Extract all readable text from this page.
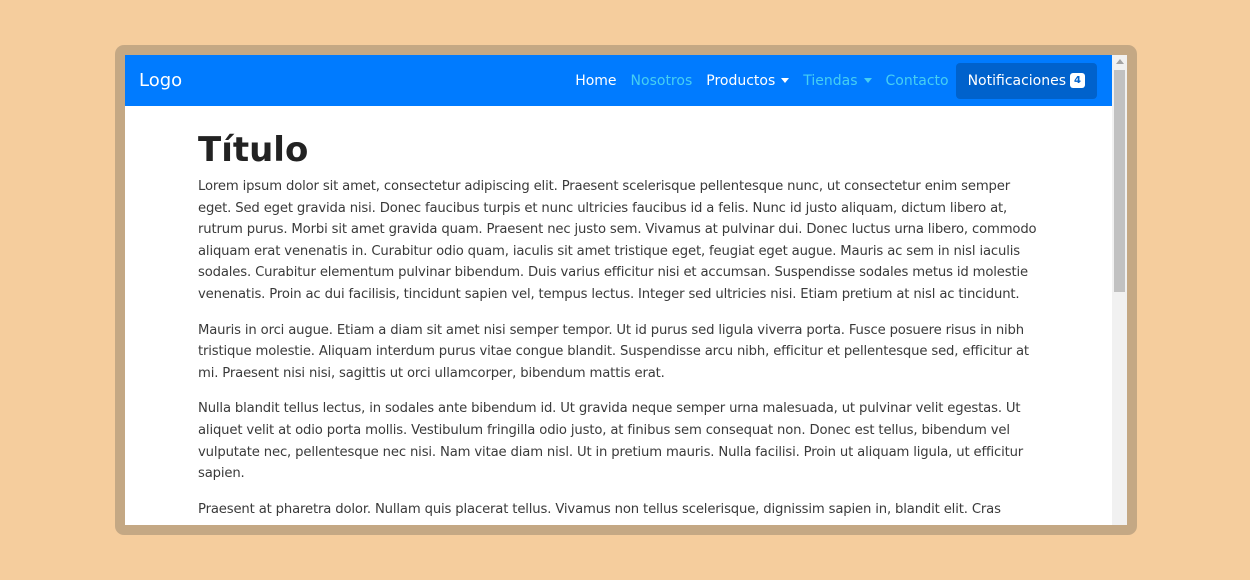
Logo	Home Nosotros Productos Tiendas Contacto Notificaciones 4
Título

Lorem ipsum dolor sit amet, consectetur adipiscing elit. Praesent scelerisque pellentesque nunc, ut consectetur enim semper eget. Sed eget gravida nisi. Donec faucibus turpis et nunc ultricies faucibus id a felis. Nunc id justo aliquam, dictum libero at, rutrum purus. Morbi sit amet gravida quam. Praesent nec justo sem. Vivamus at pulvinar dui. Donec luctus urna libero, commodo aliquam erat venenatis in. Curabitur odio quam, iaculis sit amet tristique eget, feugiat eget augue. Mauris ac sem in nisl iaculis sodales. Curabitur elementum pulvinar bibendum. Duis varius efficitur nisi et accumsan. Suspendisse sodales metus id molestie venenatis. Proin ac dui facilisis, tincidunt sapien vel, tempus lectus. Integer sed ultricies nisi. Etiam pretium at nisl ac tincidunt.

Mauris in orci augue. Etiam a diam sit amet nisi semper tempor. Ut id purus sed ligula viverra porta. Fusce posuere risus in nibh tristique molestie. Aliquam interdum purus vitae congue blandit. Suspendisse arcu nibh, efficitur et pellentesque sed, efficitur at mi. Praesent nisi nisi, sagittis ut orci ullamcorper, bibendum mattis erat.

Nulla blandit tellus lectus, in sodales ante bibendum id. Ut gravida neque semper urna malesuada, ut pulvinar velit egestas. Ut aliquet velit at odio porta mollis. Vestibulum fringilla odio justo, at finibus sem consequat non. Donec est tellus, bibendum vel vulputate nec, pellentesque nec nisi. Nam vitae diam nisl. Ut in pretium mauris. Nulla facilisi. Proin ut aliquam ligula, ut efficitur sapien.

Praesent at pharetra dolor. Nullam quis placerat tellus. Vivamus non tellus scelerisque, dignissim sapien in, blandit elit. Cras
